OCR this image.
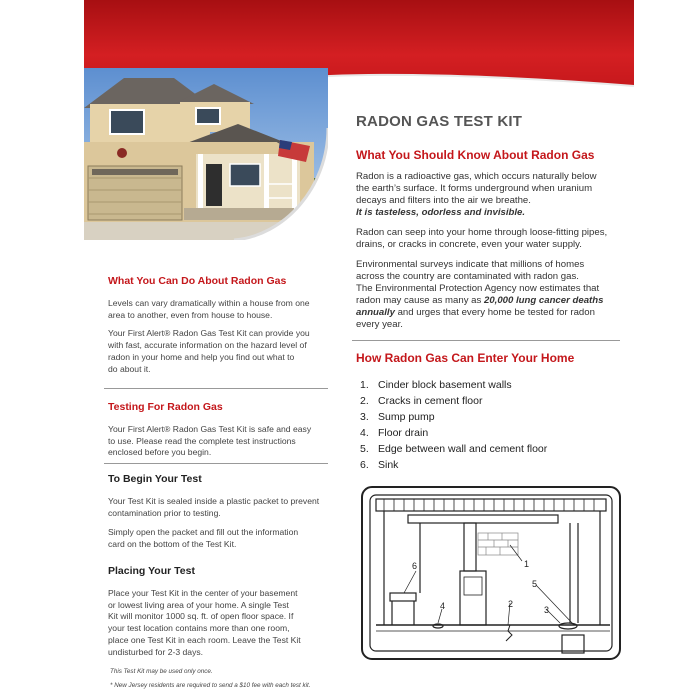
What You Can Do About Radon Gas
Levels can vary dramatically within a house from one area to another, even from house to house.
Your First Alert® Radon Gas Test Kit can provide you
with fast, accurate information on the hazard level of
radon in your home and help you find out what to
do about it.
Testing For Radon Gas
Your First Alert® Radon Gas Test Kit is safe and easy
to use. Please read the complete test instructions
enclosed before you begin.
To Begin Your Test
Your Test Kit is sealed inside a plastic packet to prevent
contamination prior to testing.
Simply open the packet and fill out the information
card on the bottom of the Test Kit.
Placing Your Test
Place your Test Kit in the center of your basement
or lowest living area of your home. A single Test
Kit will monitor 1000 sq. ft. of open floor space. If
your test location contains more than one room,
place one Test Kit in each room. Leave the Test Kit
undisturbed for 2-3 days.
This Test Kit may be used only once.
* New Jersey residents are required to send a $10 fee with each test kit.
RADON GAS TEST KIT
What You Should Know About Radon Gas
Radon is a radioactive gas, which occurs naturally below
the earth’s surface. It forms underground when uranium
decays and filters into the air we breathe.
It is tasteless, odorless and invisible.
Radon can seep into your home through loose-fitting pipes,
drains, or cracks in concrete, even your water supply.
Environmental surveys indicate that millions of homes
across the country are contaminated with radon gas.
The Environmental Protection Agency now estimates that
radon may cause as many as 20,000 lung cancer deaths
annually and urges that every home be tested for radon
every year.
How Radon Gas Can Enter Your Home
1. Cinder block basement walls
2. Cracks in cement floor
3. Sump pump
4. Floor drain
5. Edge between wall and cement floor
6. Sink
1
2
3
4
5
6
